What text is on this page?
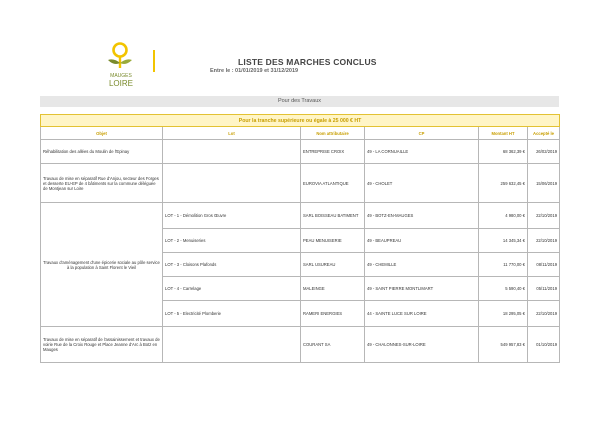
MAUGES
LOIRE
LISTE DES MARCHES CONCLUS
Entre le : 01/01/2019 et 31/12/2019
Pour des Travaux
Pour la tranche supérieure ou égale à 25 000 € HT					
Objet	Lot	Nom attributaire	CP	Montant HT	Accepté le
Réhabilitation des allées du Moulin de l'Epinay		ENTREPRISE CROIX	49 - LA CORNUAILLE	68 362,39 €	26/02/2019
Travaux de mise en séparatif Rue d'Anjou, secteur des Forges et desserte EU-EP de 4 bâtiments sur la commune déléguée de Montjean sur Loire		EUROVIA ATLANTIQUE	49 - CHOLET	259 632,45 €	15/06/2019
Travaux d'aménagement d'une épicerie sociale au pôle service à la population à Saint Florent le Vieil	LOT - 1 - Démolition Gros Œuvre	SARL BOISSEAU BATIMENT	49 - BOTZ-EN-MAUGES	4 980,00 €	22/10/2019
	LOT - 2 - Menuiseries	PEAU MENUISERIE	49 - BEAUPREAU	14 345,34 €	22/10/2019
	LOT - 3 - Cloisons Plafonds	SARL USUREAU	49 - CHEMILLE	11 770,00 €	08/11/2019
	LOT - 4 - Carrelage	MALEINGE	49 - SAINT PIERRE MONTLIMART	5 590,40 €	05/11/2019
	LOT - 5 - Electricité Plomberie	RAMERI ENERGIES	44 - SAINTE LUCE SUR LOIRE	18 295,05 €	22/10/2019
Travaux de mise en séparatif de l'assainissement et travaux de voirie Rue de la Croix Rouge et Place Jeanne d'Arc à Botz en Mauges		COURANT SA	49 - CHALONNES-SUR-LOIRE	549 957,83 €	01/10/2019
